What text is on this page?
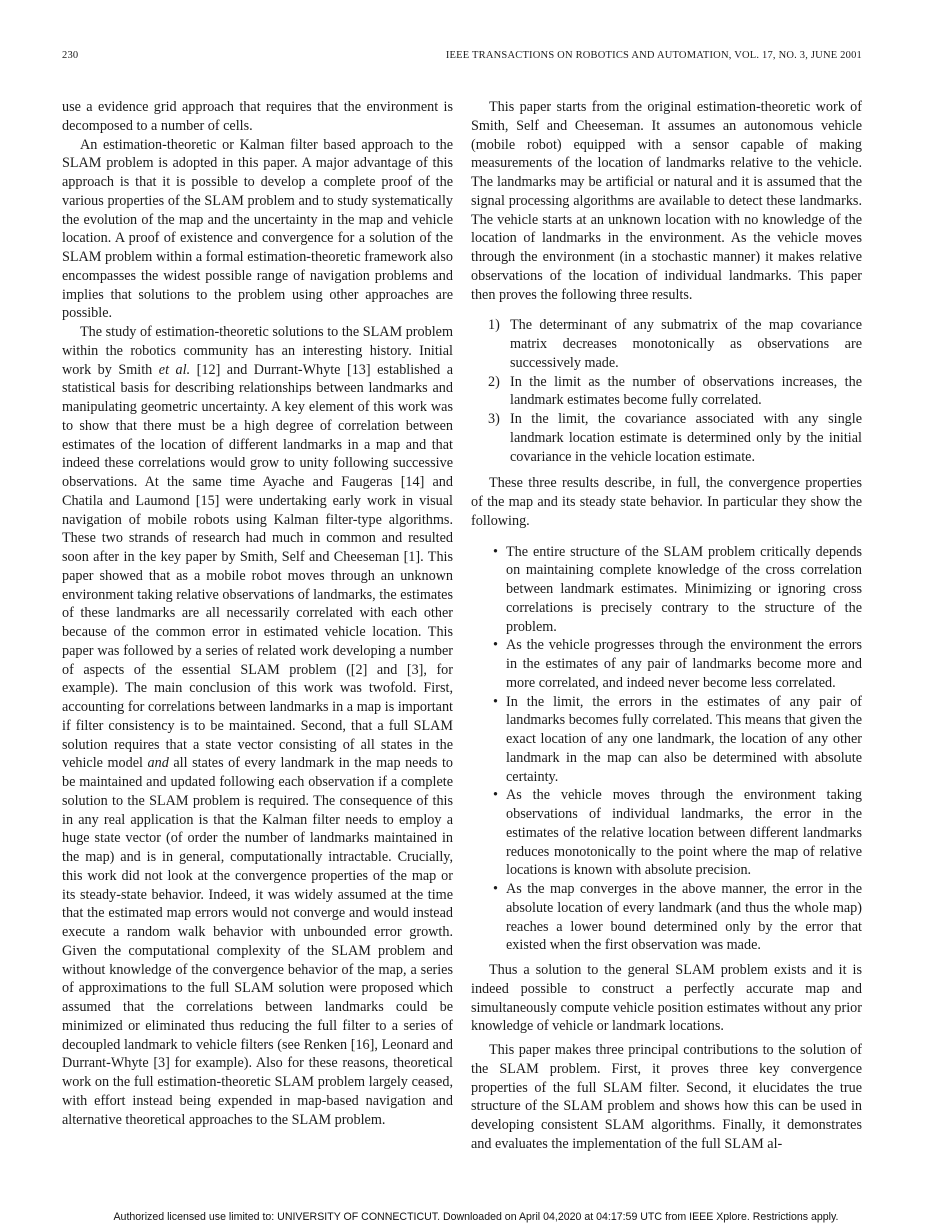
230	IEEE TRANSACTIONS ON ROBOTICS AND AUTOMATION, VOL. 17, NO. 3, JUNE 2001

use a evidence grid approach that requires that the environment is decomposed to a number of cells.

An estimation-theoretic or Kalman filter based approach to the SLAM problem is adopted in this paper. A major advantage of this approach is that it is possible to develop a complete proof of the various properties of the SLAM problem and to study systematically the evolution of the map and the uncertainty in the map and vehicle location. A proof of existence and convergence for a solution of the SLAM problem within a formal estimation-theoretic framework also encompasses the widest possible range of navigation problems and implies that solutions to the problem using other approaches are possible.

The study of estimation-theoretic solutions to the SLAM problem within the robotics community has an interesting history. Initial work by Smith et al. [12] and Durrant-Whyte [13] established a statistical basis for describing relationships between landmarks and manipulating geometric uncertainty. A key element of this work was to show that there must be a high degree of correlation between estimates of the location of different landmarks in a map and that indeed these correlations would grow to unity following successive observations. At the same time Ayache and Faugeras [14] and Chatila and Laumond [15] were undertaking early work in visual navigation of mobile robots using Kalman filter-type algorithms. These two strands of research had much in common and resulted soon after in the key paper by Smith, Self and Cheeseman [1]. This paper showed that as a mobile robot moves through an unknown environment taking relative observations of landmarks, the estimates of these landmarks are all necessarily correlated with each other because of the common error in estimated vehicle location. This paper was followed by a series of related work developing a number of aspects of the essential SLAM problem ([2] and [3], for example). The main conclusion of this work was twofold. First, accounting for correlations between landmarks in a map is important if filter consistency is to be maintained. Second, that a full SLAM solution requires that a state vector consisting of all states in the vehicle model and all states of every landmark in the map needs to be maintained and updated following each observation if a complete solution to the SLAM problem is required. The consequence of this in any real application is that the Kalman filter needs to employ a huge state vector (of order the number of landmarks maintained in the map) and is in general, computationally intractable. Crucially, this work did not look at the convergence properties of the map or its steady-state behavior. Indeed, it was widely assumed at the time that the estimated map errors would not converge and would instead execute a random walk behavior with unbounded error growth. Given the computational complexity of the SLAM problem and without knowledge of the convergence behavior of the map, a series of approximations to the full SLAM solution were proposed which assumed that the correlations between landmarks could be minimized or eliminated thus reducing the full filter to a series of decoupled landmark to vehicle filters (see Renken [16], Leonard and Durrant-Whyte [3] for example). Also for these reasons, theoretical work on the full estimation-theoretic SLAM problem largely ceased, with effort instead being expended in map-based navigation and alternative theoretical approaches to the SLAM problem.

This paper starts from the original estimation-theoretic work of Smith, Self and Cheeseman. It assumes an autonomous vehicle (mobile robot) equipped with a sensor capable of making measurements of the location of landmarks relative to the vehicle. The landmarks may be artificial or natural and it is assumed that the signal processing algorithms are available to detect these landmarks. The vehicle starts at an unknown location with no knowledge of the location of landmarks in the environment. As the vehicle moves through the environment (in a stochastic manner) it makes relative observations of the location of individual landmarks. This paper then proves the following three results.

1) The determinant of any submatrix of the map covariance matrix decreases monotonically as observations are successively made.
2) In the limit as the number of observations increases, the landmark estimates become fully correlated.
3) In the limit, the covariance associated with any single landmark location estimate is determined only by the initial covariance in the vehicle location estimate.

These three results describe, in full, the convergence properties of the map and its steady state behavior. In particular they show the following.

• The entire structure of the SLAM problem critically depends on maintaining complete knowledge of the cross correlation between landmark estimates. Minimizing or ignoring cross correlations is precisely contrary to the structure of the problem.
• As the vehicle progresses through the environment the errors in the estimates of any pair of landmarks become more and more correlated, and indeed never become less correlated.
• In the limit, the errors in the estimates of any pair of landmarks becomes fully correlated. This means that given the exact location of any one landmark, the location of any other landmark in the map can also be determined with absolute certainty.
• As the vehicle moves through the environment taking observations of individual landmarks, the error in the estimates of the relative location between different landmarks reduces monotonically to the point where the map of relative locations is known with absolute precision.
• As the map converges in the above manner, the error in the absolute location of every landmark (and thus the whole map) reaches a lower bound determined only by the error that existed when the first observation was made.

Thus a solution to the general SLAM problem exists and it is indeed possible to construct a perfectly accurate map and simultaneously compute vehicle position estimates without any prior knowledge of vehicle or landmark locations.

This paper makes three principal contributions to the solution of the SLAM problem. First, it proves three key convergence properties of the full SLAM filter. Second, it elucidates the true structure of the SLAM problem and shows how this can be used in developing consistent SLAM algorithms. Finally, it demonstrates and evaluates the implementation of the full SLAM al-

Authorized licensed use limited to: UNIVERSITY OF CONNECTICUT. Downloaded on April 04,2020 at 04:17:59 UTC from IEEE Xplore. Restrictions apply.
